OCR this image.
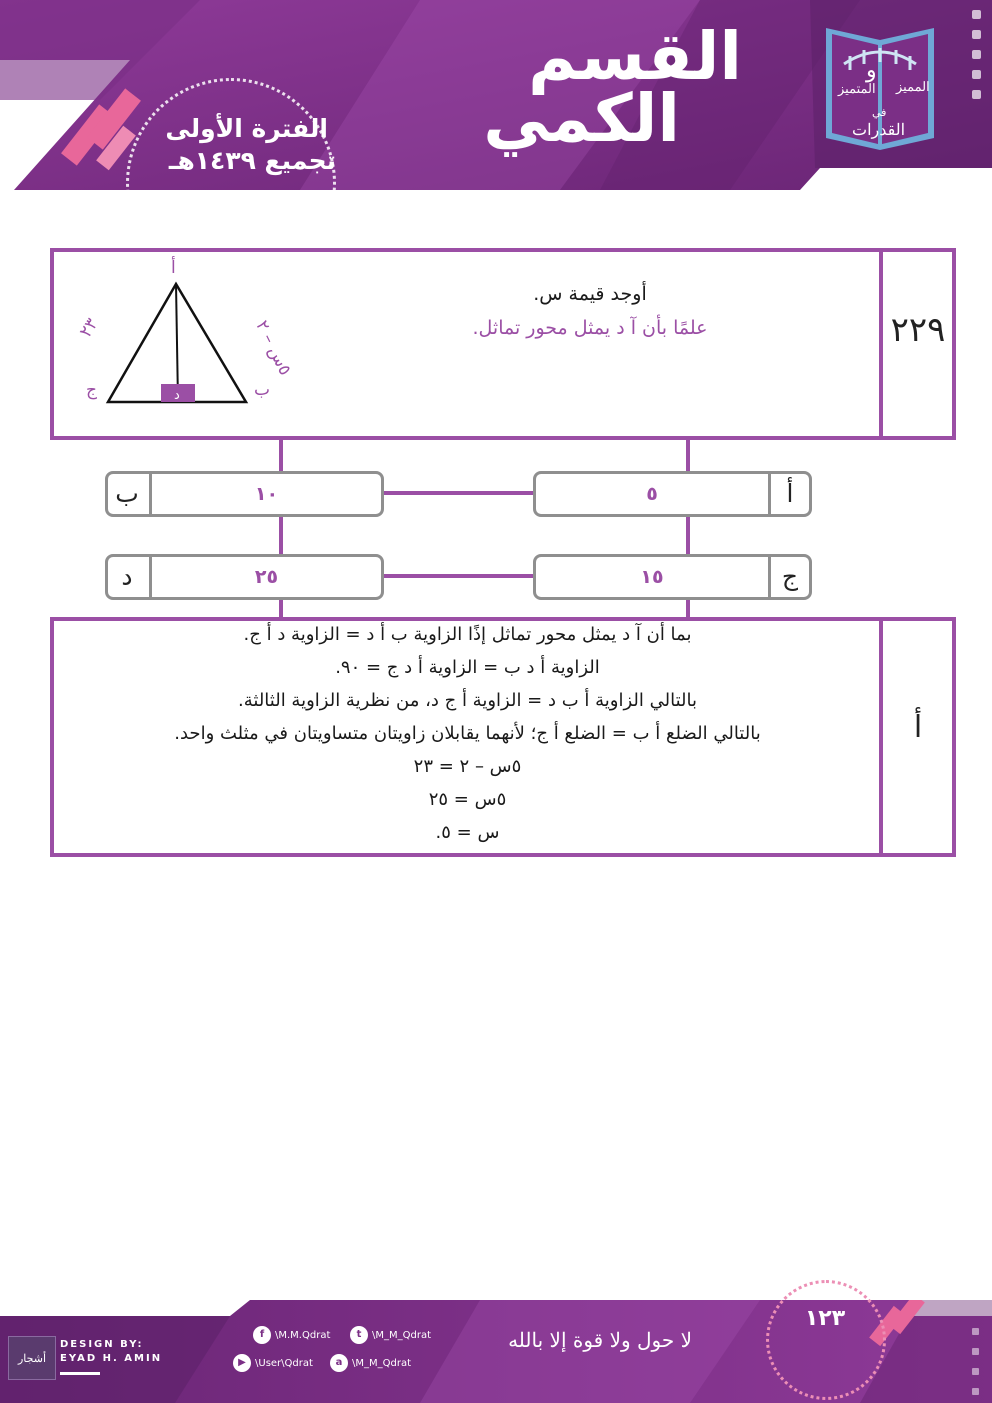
القسم
الكمي
الفترة الأولى
تجميع ١٤٣٩هـ
و
المميز
المتميز
في
القدرات
٢٢٩
أوجد قيمة س.
علمًا بأن آ د يمثل محور تماثل.
أ
ج	ب
د
٢٣	٥س – ٢
٥	أ
ب	١٠
١٥	ج
د	٢٥
أ
بما أن آ د يمثل محور تماثل إذًا الزاوية ب أ د = الزاوية د أ ج.
الزاوية أ د ب = الزاوية أ د ج = ٩٠.
بالتالي الزاوية أ ب د = الزاوية أ ج د، من نظرية الزاوية الثالثة.
بالتالي الضلع أ ب = الضلع أ ج؛ لأنهما يقابلان زاويتان متساويتان في مثلث واحد.
٥س – ٢ = ٢٣
٥س = ٢٥
س = ٥.
١٢٣
أشجار
DESIGN BY:
EYAD H. AMIN
f	\M.M.Qdrat	t	\M_M_Qdrat
▶ \User\Qdrat	a \M_M_Qdrat
لا حول ولا قوة إلا بالله
